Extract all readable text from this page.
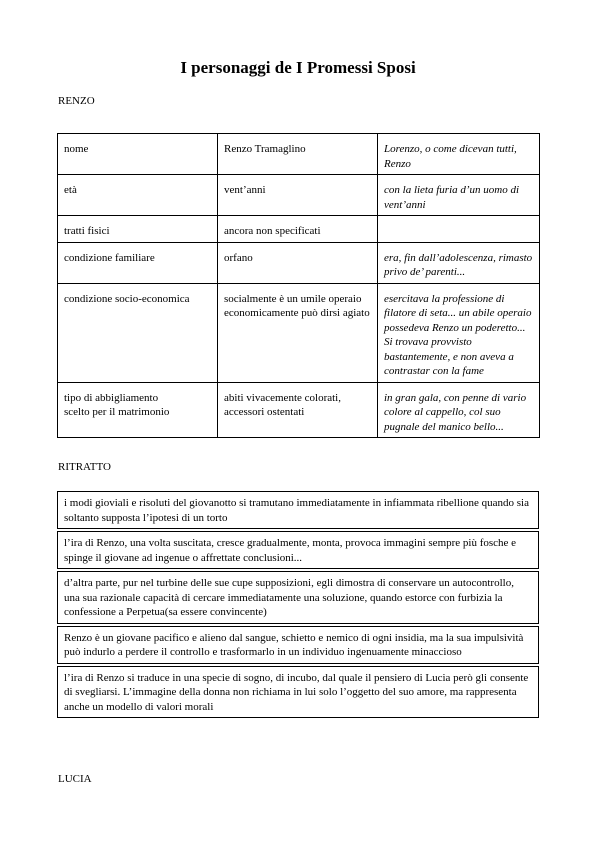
I personaggi de I Promessi Sposi

RENZO

nome	Renzo Tramaglino	Lorenzo, o come dicevan tutti, Renzo
età	vent’anni	con la lieta furia d’un uomo di vent’anni
tratti fisici	ancora non specificati	
condizione familiare	orfano	era, fin dall’adolescenza, rimasto privo de’ parenti...
condizione socio-economica	socialmente è un umile operaio economicamente può dirsi agiato	esercitava la professione di filatore di seta... un abile operaio possedeva Renzo un poderetto...
Si trovava provvisto bastantemente, e non aveva a contrastar con la fame
tipo di abbigliamento
scelto per il matrimonio	abiti vivacemente colorati, accessori ostentati	in gran gala, con penne di vario colore al cappello, col suo pugnale del manico bello...

RITRATTO

i modi gioviali e risoluti del giovanotto si tramutano immediatamente in infiammata ribellione quando sia soltanto supposta l’ipotesi di un torto

l’ira di Renzo, una volta suscitata, cresce gradualmente, monta, provoca immagini sempre più fosche e spinge il giovane ad ingenue o affrettate conclusioni...

d’altra parte, pur nel turbine delle sue cupe supposizioni, egli dimostra di conservare un autocontrollo, una sua razionale capacità di cercare immediatamente una soluzione, quando estorce con furbizia la confessione a Perpetua(sa essere convincente)

Renzo è un giovane pacifico e alieno dal sangue, schietto e nemico di ogni insidia, ma la sua impulsività può indurlo a perdere il controllo e trasformarlo in un individuo ingenuamente minaccioso

l’ira di Renzo si traduce in una specie di sogno, di incubo, dal quale il pensiero di Lucia però gli consente di svegliarsi. L’immagine della donna non richiama in lui solo l’oggetto del suo amore, ma rappresenta anche un modello di valori morali

LUCIA
